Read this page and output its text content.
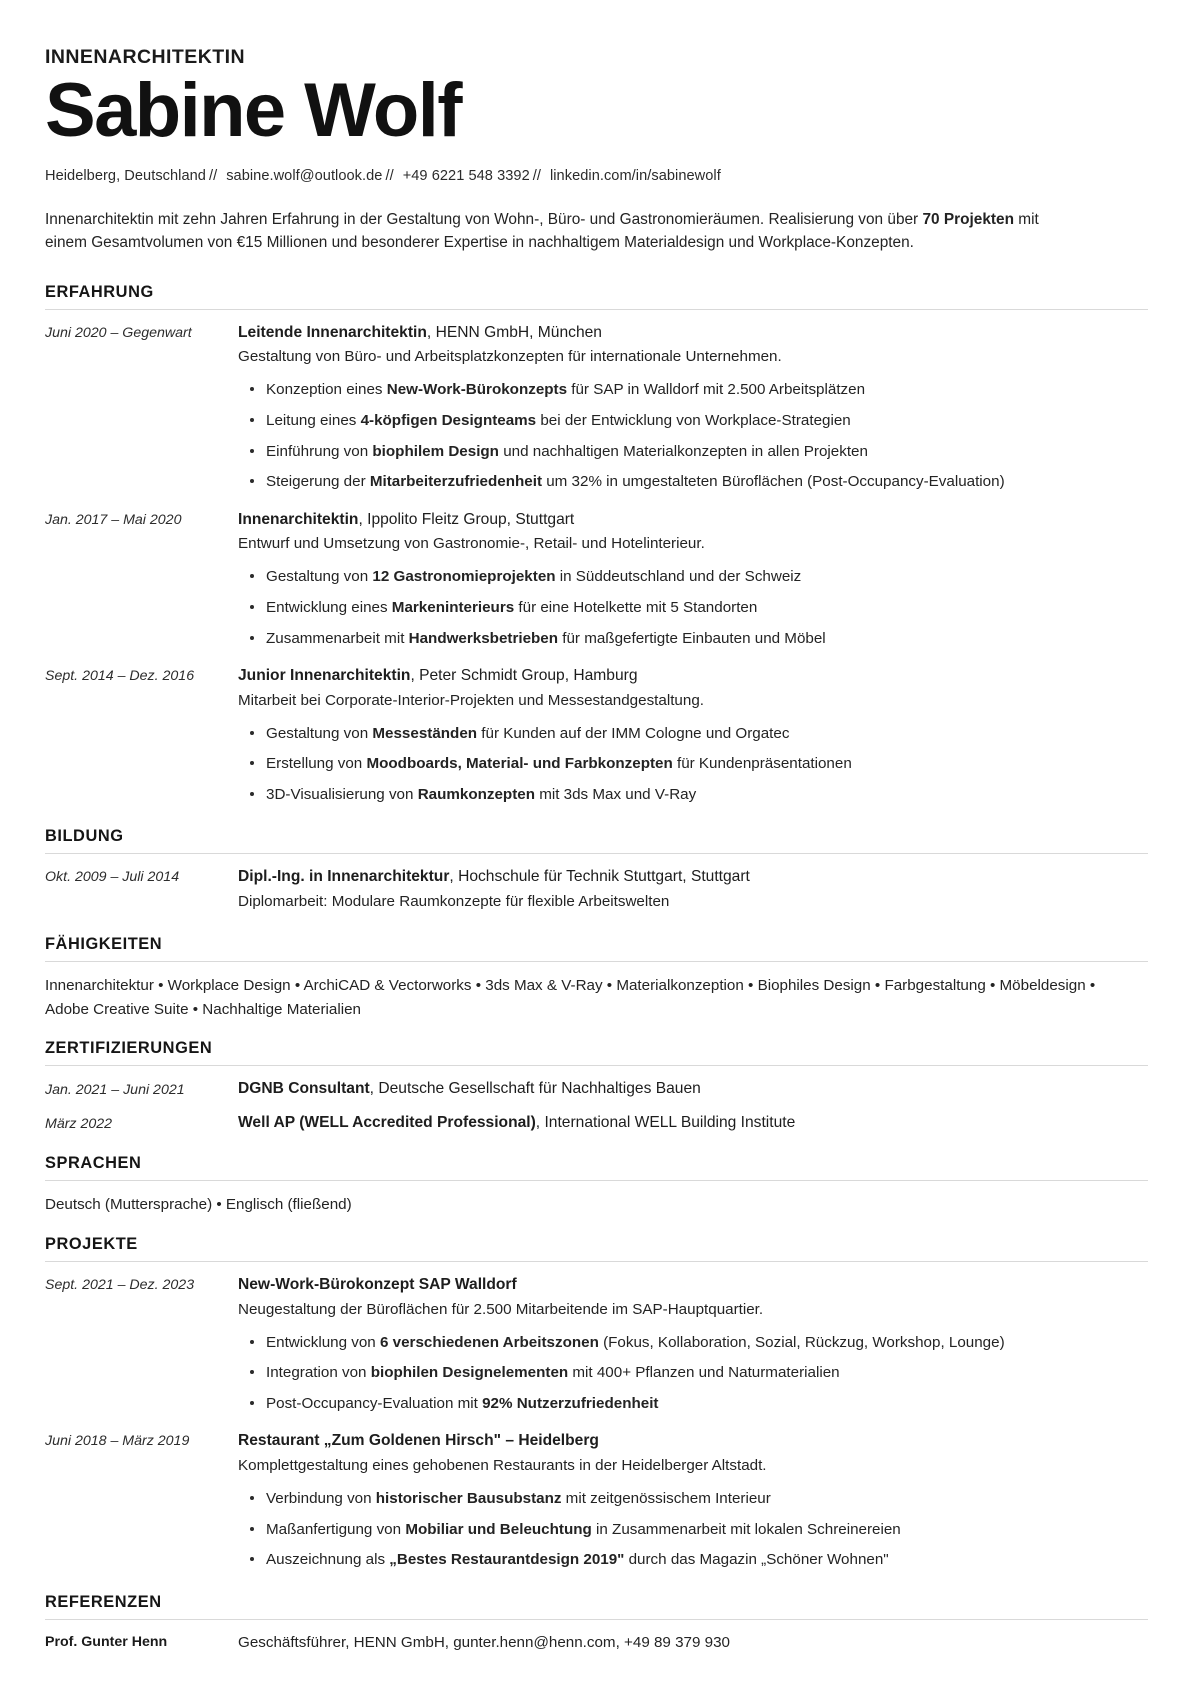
INNENARCHITEKTIN
Sabine Wolf
Heidelberg, Deutschland // sabine.wolf@outlook.de // +49 6221 548 3392 // linkedin.com/in/sabinewolf

Innenarchitektin mit zehn Jahren Erfahrung in der Gestaltung von Wohn-, Büro- und Gastronomieräumen. Realisierung von über 70 Projekten mit einem Gesamtvolumen von €15 Millionen und besonderer Expertise in nachhaltigem Materialdesign und Workplace-Konzepten.

ERFAHRUNG
Juni 2020 – Gegenwart	Leitende Innenarchitektin, HENN GmbH, München

Gestaltung von Büro- und Arbeitsplatzkonzepten für internationale Unternehmen.

Konzeption eines New-Work-Bürokonzepts für SAP in Walldorf mit 2.500 Arbeitsplätzen
Leitung eines 4-köpfigen Designteams bei der Entwicklung von Workplace-Strategien
Einführung von biophilem Design und nachhaltigen Materialkonzepten in allen Projekten
Steigerung der Mitarbeiterzufriedenheit um 32% in umgestalteten Büroflächen (Post-Occupancy-Evaluation)
Jan. 2017 – Mai 2020	Innenarchitektin, Ippolito Fleitz Group, Stuttgart

Entwurf und Umsetzung von Gastronomie-, Retail- und Hotelinterieur.

Gestaltung von 12 Gastronomieprojekten in Süddeutschland und der Schweiz
Entwicklung eines Markeninterieurs für eine Hotelkette mit 5 Standorten
Zusammenarbeit mit Handwerksbetrieben für maßgefertigte Einbauten und Möbel
Sept. 2014 – Dez. 2016	Junior Innenarchitektin, Peter Schmidt Group, Hamburg

Mitarbeit bei Corporate-Interior-Projekten und Messestandgestaltung.

Gestaltung von Messeständen für Kunden auf der IMM Cologne und Orgatec
Erstellung von Moodboards, Material- und Farbkonzepten für Kundenpräsentationen
3D-Visualisierung von Raumkonzepten mit 3ds Max und V-Ray
BILDUNG
Okt. 2009 – Juli 2014	Dipl.-Ing. in Innenarchitektur, Hochschule für Technik Stuttgart, Stuttgart

Diplomarbeit: Modulare Raumkonzepte für flexible Arbeitswelten

FÄHIGKEITEN

Innenarchitektur • Workplace Design • ArchiCAD & Vectorworks • 3ds Max & V-Ray • Materialkonzeption • Biophiles Design • Farbgestaltung • Möbeldesign • Adobe Creative Suite • Nachhaltige Materialien

ZERTIFIZIERUNGEN
Jan. 2021 – Juni 2021	DGNB Consultant, Deutsche Gesellschaft für Nachhaltiges Bauen
März 2022	Well AP (WELL Accredited Professional), International WELL Building Institute
SPRACHEN

Deutsch (Muttersprache) • Englisch (fließend)

PROJEKTE
Sept. 2021 – Dez. 2023	New-Work-Bürokonzept SAP Walldorf

Neugestaltung der Büroflächen für 2.500 Mitarbeitende im SAP-Hauptquartier.

Entwicklung von 6 verschiedenen Arbeitszonen (Fokus, Kollaboration, Sozial, Rückzug, Workshop, Lounge)
Integration von biophilen Designelementen mit 400+ Pflanzen und Naturmaterialien
Post-Occupancy-Evaluation mit 92% Nutzerzufriedenheit
Juni 2018 – März 2019	Restaurant „Zum Goldenen Hirsch" – Heidelberg

Komplettgestaltung eines gehobenen Restaurants in der Heidelberger Altstadt.

Verbindung von historischer Bausubstanz mit zeitgenössischem Interieur
Maßanfertigung von Mobiliar und Beleuchtung in Zusammenarbeit mit lokalen Schreinereien
Auszeichnung als „Bestes Restaurantdesign 2019" durch das Magazin „Schöner Wohnen"
REFERENZEN
Prof. Gunter Henn	Geschäftsführer, HENN GmbH, gunter.henn@henn.com, +49 89 379 930
